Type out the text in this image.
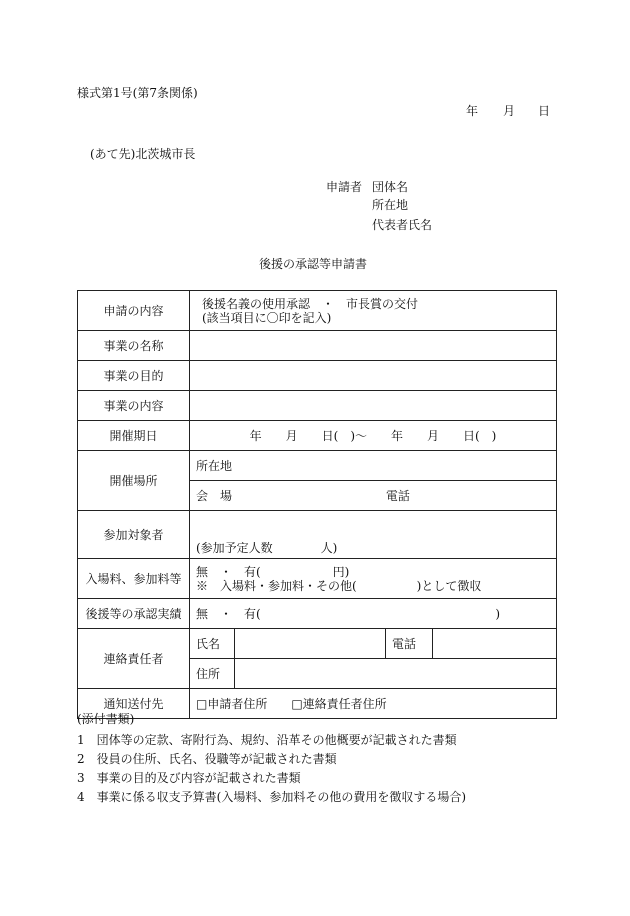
様式第1号(第7条関係)
年 月 日
(あて先)北茨城市長
申請者 団体名
所在地
代表者氏名
後援の承認等申請書
申請の内容	後援名義の使用承認　・　市長賞の交付
(該当項目に〇印を記入)			

事業の名称				
事業の目的				
事業の内容				
開催期日	年　　月　　日(　)〜　　年　　月　　日(　)			
開催場所	所在地			
	会　場 電話			
参加対象者	(参加予定人数　　　　人)			
入場料、参加料等	無　・　有(　　　　　　円)
※　入場料・参加料・その他(　　　　　)として徴収			

後援等の承認実績	無　・　有( )			

連絡責任者	氏名		電話	
	住所			
通知送付先	□申請者住所　　□連絡責任者住所			
(添付書類)
1　団体等の定款、寄附行為、規約、沿革その他概要が記載された書類
2　役員の住所、氏名、役職等が記載された書類
3　事業の目的及び内容が記載された書類
4　事業に係る収支予算書(入場料、参加料その他の費用を徴収する場合)
